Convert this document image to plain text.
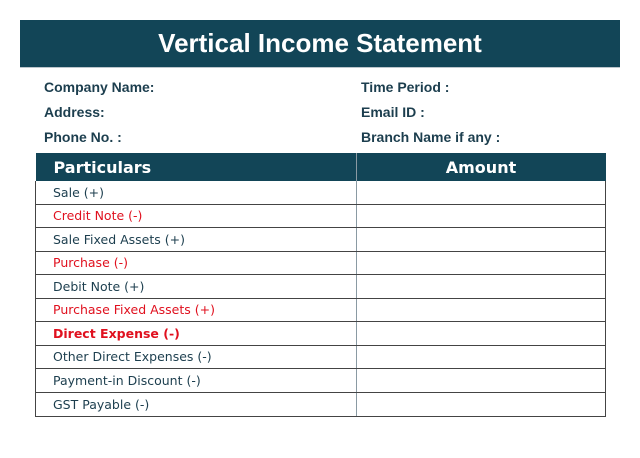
Vertical Income Statement
Company Name:
Address:
Phone No. :
Time Period :
Email ID :
Branch Name if any :
Particulars	Amount
Sale (+)	
Credit Note (-)	
Sale Fixed Assets (+)	
Purchase (-)	
Debit Note (+)	
Purchase Fixed Assets (+)	
Direct Expense (-)	
Other Direct Expenses (-)	
Payment-in Discount (-)	
GST Payable (-)	
